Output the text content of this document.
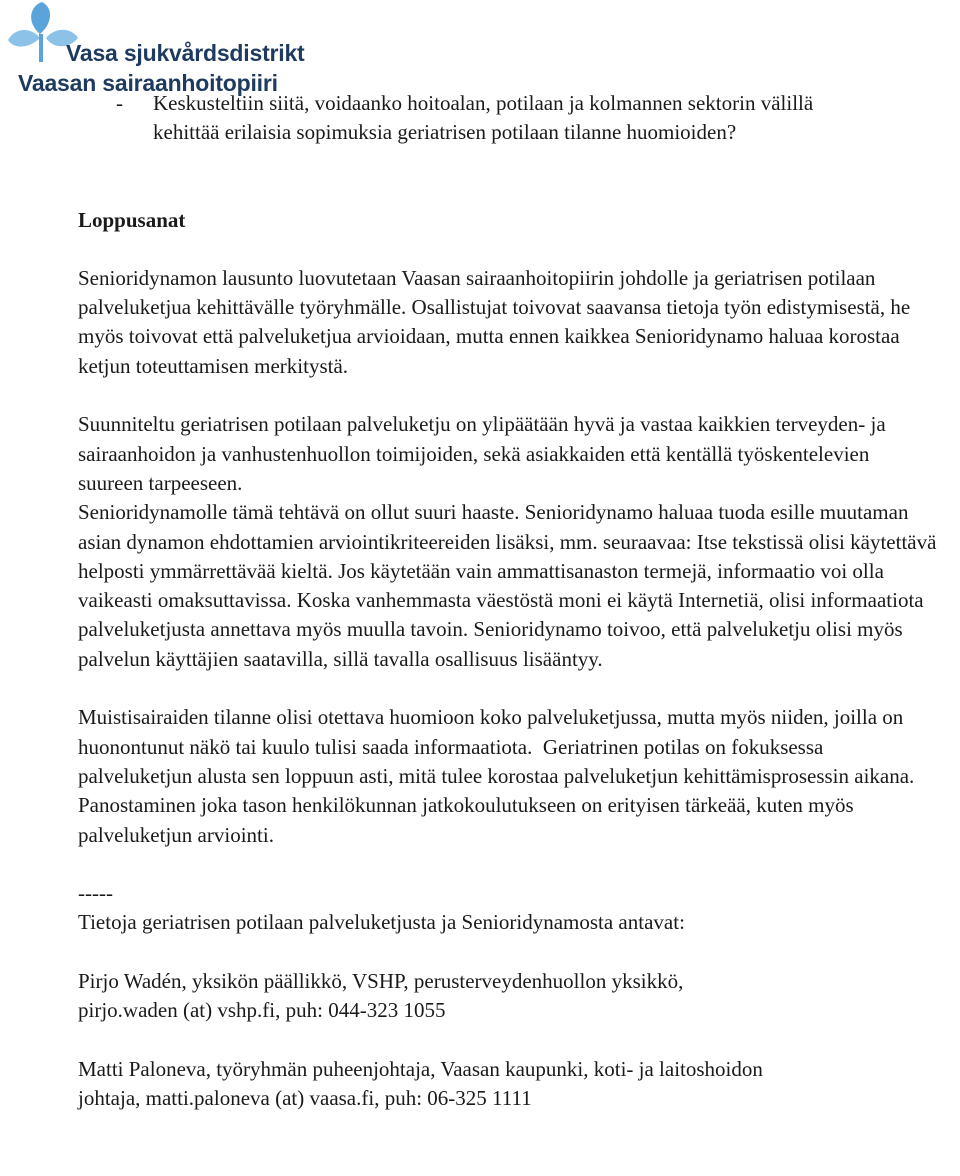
Vasa sjukvårdsdistrikt
Vaasan sairaanhoitopiiri
-	Keskusteltiin siitä, voidaanko hoitoalan, potilaan ja kolmannen sektorin välillä
kehittää erilaisia sopimuksia geriatrisen potilaan tilanne huomioiden?
Loppusanat

Senioridynamon lausunto luovutetaan Vaasan sairaanhoitopiirin johdolle ja geriatrisen potilaan palveluketjua kehittävälle työryhmälle. Osallistujat toivovat saavansa tietoja työn edistymisestä, he myös toivovat että palveluketjua arvioidaan, mutta ennen kaikkea Senioridynamo haluaa korostaa ketjun toteuttamisen merkitystä.

Suunniteltu geriatrisen potilaan palveluketju on ylipäätään hyvä ja vastaa kaikkien terveyden- ja sairaanhoidon ja vanhustenhuollon toimijoiden, sekä asiakkaiden että kentällä työskentelevien suureen tarpeeseen.

Senioridynamolle tämä tehtävä on ollut suuri haaste. Senioridynamo haluaa tuoda esille muutaman asian dynamon ehdottamien arviointikriteereiden lisäksi, mm. seuraavaa: Itse tekstissä olisi käytettävä helposti ymmärrettävää kieltä. Jos käytetään vain ammattisanaston termejä, informaatio voi olla vaikeasti omaksuttavissa. Koska vanhemmasta väestöstä moni ei käytä Internetiä, olisi informaatiota palveluketjusta annettava myös muulla tavoin. Senioridynamo toivoo, että palveluketju olisi myös palvelun käyttäjien saatavilla, sillä tavalla osallisuus lisääntyy.

Muistisairaiden tilanne olisi otettava huomioon koko palveluketjussa, mutta myös niiden, joilla on huonontunut näkö tai kuulo tulisi saada informaatiota.  Geriatrinen potilas on fokuksessa palveluketjun alusta sen loppuun asti, mitä tulee korostaa palveluketjun kehittämisprosessin aikana.  Panostaminen joka tason henkilökunnan jatkokoulutukseen on erityisen tärkeää, kuten myös palveluketjun arviointi.

-----
Tietoja geriatrisen potilaan palveluketjusta ja Senioridynamosta antavat:
Pirjo Wadén, yksikön päällikkö, VSHP, perusterveydenhuollon yksikkö,
pirjo.waden (at) vshp.fi, puh: 044-323 1055
Matti Paloneva, työryhmän puheenjohtaja, Vaasan kaupunki, koti- ja laitoshoidon
johtaja, matti.paloneva (at) vaasa.fi, puh: 06-325 1111
